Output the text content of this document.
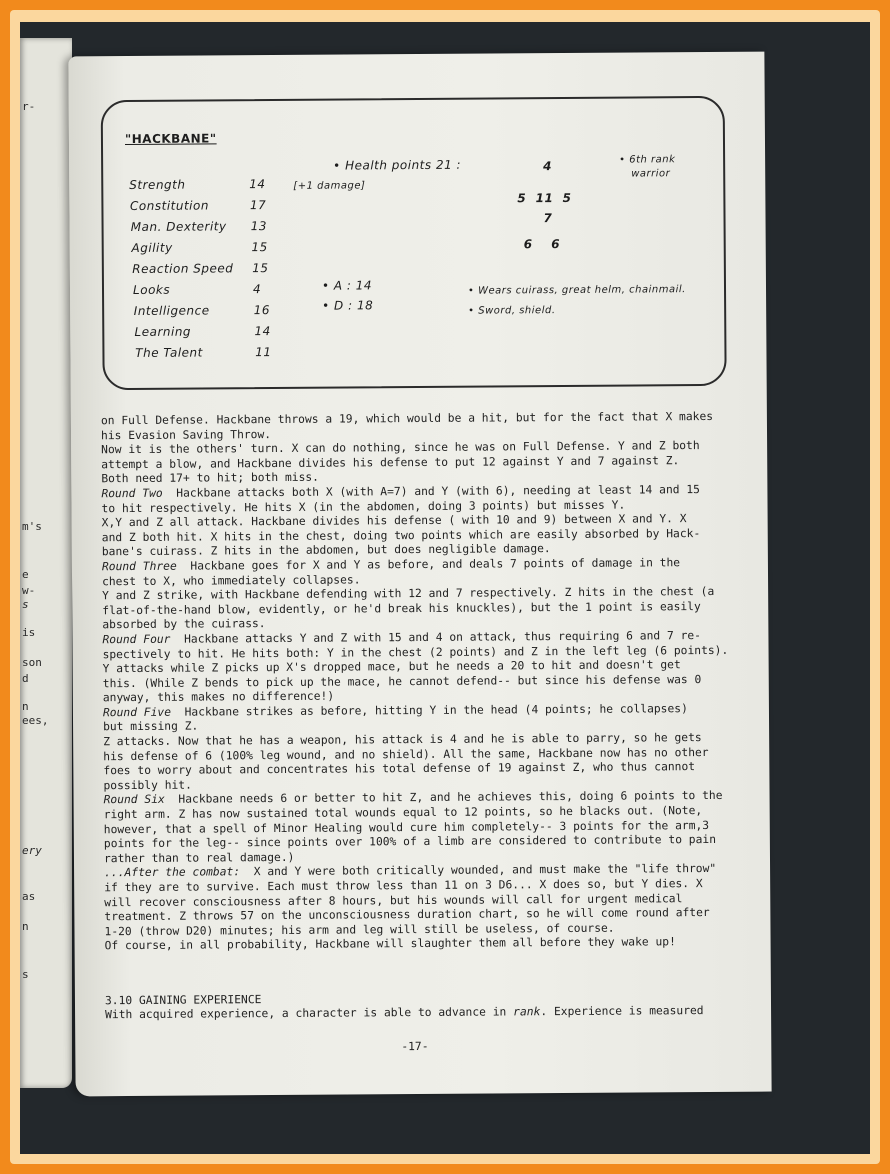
r-
m's
e
w-
s
is
son
d
n
ees,
ery
as
n
s
"HACKBANE"
• Health points 21 :	• 6th rank
warrior
[+1 damage]
Strength	14
Constitution	17
Man. Dexterity 13
Agility	15
Reaction Speed 15
Looks	4
Intelligence	16
Learning	14
The Talent	11
4
5  11  5
7
6    6
• A : 14
• D : 18
• Wears cuirass, great helm, chainmail.
• Sword, shield.
on Full Defense. Hackbane throws a 19, which would be a hit, but for the fact that X makes
his Evasion Saving Throw.
Now it is the others' turn. X can do nothing, since he was on Full Defense. Y and Z both
attempt a blow, and Hackbane divides his defense to put 12 against Y and 7 against Z.
Both need 17+ to hit; both miss.
Round Two  Hackbane attacks both X (with A=7) and Y (with 6), needing at least 14 and 15
to hit respectively. He hits X (in the abdomen, doing 3 points) but misses Y.
X,Y and Z all attack. Hackbane divides his defense ( with 10 and 9) between X and Y. X
and Z both hit. X hits in the chest, doing two points which are easily absorbed by Hack-
bane's cuirass. Z hits in the abdomen, but does negligible damage.
Round Three  Hackbane goes for X and Y as before, and deals 7 points of damage in the
chest to X, who immediately collapses.
Y and Z strike, with Hackbane defending with 12 and 7 respectively. Z hits in the chest (a
flat-of-the-hand blow, evidently, or he'd break his knuckles), but the 1 point is easily
absorbed by the cuirass.
Round Four  Hackbane attacks Y and Z with 15 and 4 on attack, thus requiring 6 and 7 re-
spectively to hit. He hits both: Y in the chest (2 points) and Z in the left leg (6 points).
Y attacks while Z picks up X's dropped mace, but he needs a 20 to hit and doesn't get
this. (While Z bends to pick up the mace, he cannot defend-- but since his defense was 0
anyway, this makes no difference!)
Round Five  Hackbane strikes as before, hitting Y in the head (4 points; he collapses)
but missing Z.
Z attacks. Now that he has a weapon, his attack is 4 and he is able to parry, so he gets
his defense of 6 (100% leg wound, and no shield). All the same, Hackbane now has no other
foes to worry about and concentrates his total defense of 19 against Z, who thus cannot
possibly hit.
Round Six  Hackbane needs 6 or better to hit Z, and he achieves this, doing 6 points to the
right arm. Z has now sustained total wounds equal to 12 points, so he blacks out. (Note,
however, that a spell of Minor Healing would cure him completely-- 3 points for the arm,3
points for the leg-- since points over 100% of a limb are considered to contribute to pain
rather than to real damage.)
...After the combat:  X and Y were both critically wounded, and must make the "life throw"
if they are to survive. Each must throw less than 11 on 3 D6... X does so, but Y dies. X
will recover consciousness after 8 hours, but his wounds will call for urgent medical
treatment. Z throws 57 on the unconsciousness duration chart, so he will come round after
1-20 (throw D20) minutes; his arm and leg will still be useless, of course.
Of course, in all probability, Hackbane will slaughter them all before they wake up!
3.10 GAINING EXPERIENCE
With acquired experience, a character is able to advance in rank. Experience is measured
-17-
